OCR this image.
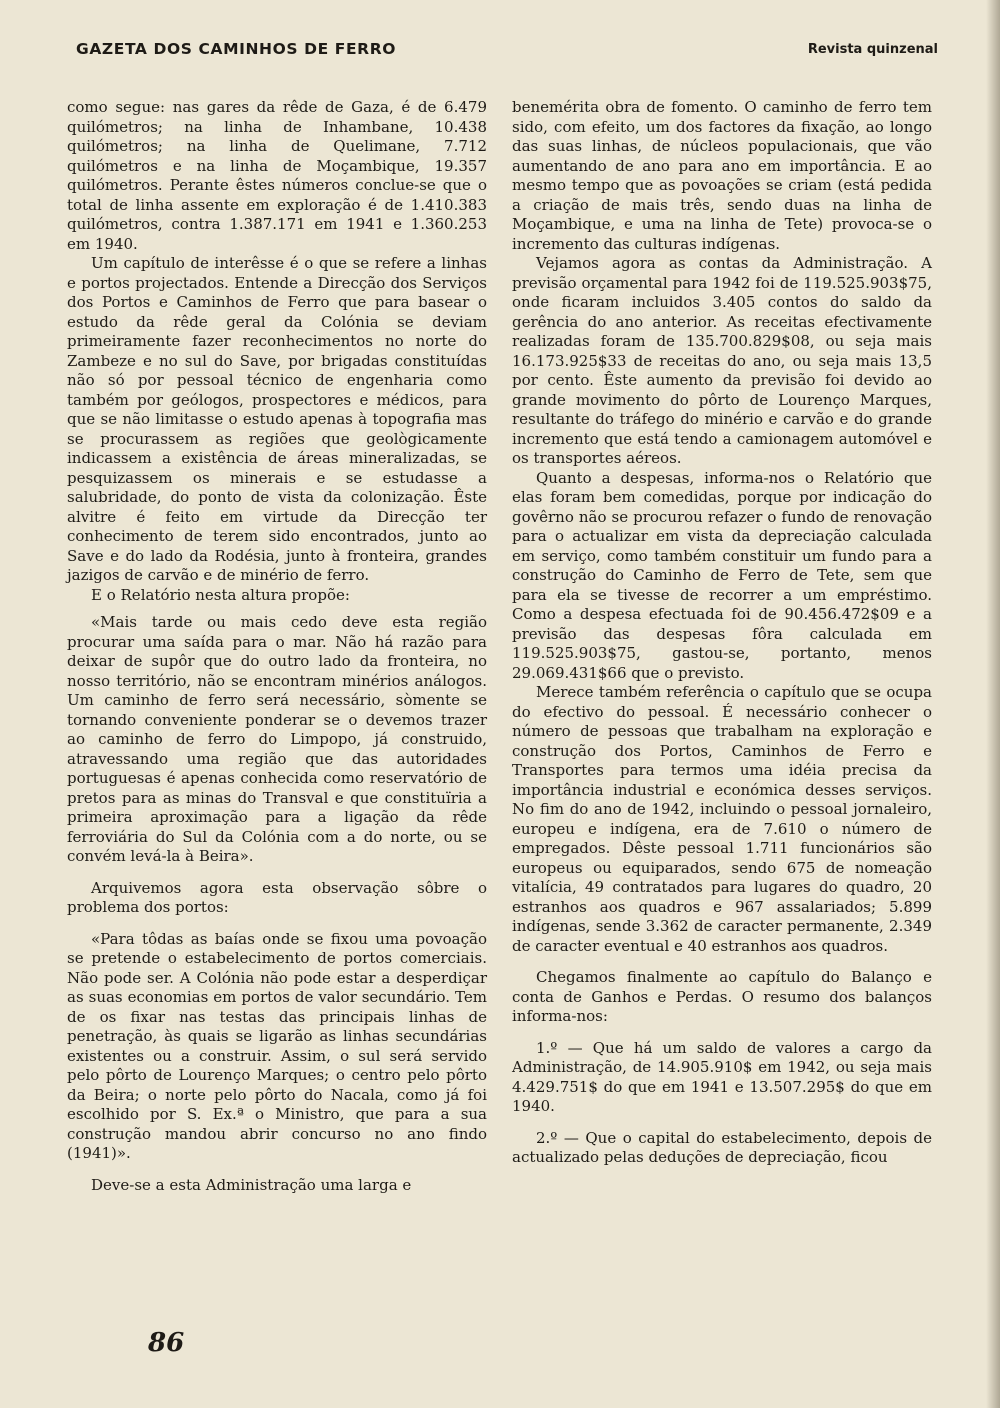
GAZETA DOS CAMINHOS DE FERRO	Revista quinzenal

como segue: nas gares da rêde de Gaza, é de 6.479 quilómetros; na linha de Inhambane, 10.438 quilómetros; na linha de Quelimane, 7.712 quilómetros e na linha de Moçambique, 19.357 quilómetros. Perante êstes números conclue-se que o total de linha assente em exploração é de 1.410.383 quilómetros, contra 1.387.171 em 1941 e 1.360.253 em 1940.

Um capítulo de interêsse é o que se refere a linhas e portos projectados. Entende a Direcção dos Serviços dos Portos e Caminhos de Ferro que para basear o estudo da rêde geral da Colónia se deviam primeiramente fazer reconhecimentos no norte do Zambeze e no sul do Save, por brigadas constituídas não só por pessoal técnico de engenharia como também por geólogos, prospectores e médicos, para que se não limitasse o estudo apenas à topografia mas se procurassem as regiões que geològicamente indicassem a existência de áreas mineralizadas, se pesquizassem os minerais e se estudasse a salubridade, do ponto de vista da colonização. Êste alvitre é feito em virtude da Direcção ter conhecimento de terem sido encontrados, junto ao Save e do lado da Rodésia, junto à fronteira, grandes jazigos de carvão e de minério de ferro.

E o Relatório nesta altura propõe:

«Mais tarde ou mais cedo deve esta região procurar uma saída para o mar. Não há razão para deixar de supôr que do outro lado da fronteira, no nosso território, não se encontram minérios análogos. Um caminho de ferro será necessário, sòmente se tornando conveniente ponderar se o devemos trazer ao caminho de ferro do Limpopo, já construido, atravessando uma região que das autoridades portuguesas é apenas conhecida como reservatório de pretos para as minas do Transval e que constituïria a primeira aproximação para a ligação da rêde ferroviária do Sul da Colónia com a do norte, ou se convém levá-la à Beira».

Arquivemos agora esta observação sôbre o problema dos portos:

«Para tôdas as baías onde se fixou uma povoação se pretende o estabelecimento de portos comerciais. Não pode ser. A Colónia não pode estar a desperdiçar as suas economias em portos de valor secundário. Tem de os fixar nas testas das principais linhas de penetração, às quais se ligarão as linhas secundárias existentes ou a construir. Assim, o sul será servido pelo pôrto de Lourenço Marques; o centro pelo pôrto da Beira; o norte pelo pôrto do Nacala, como já foi escolhido por S. Ex.ª o Ministro, que para a sua construção mandou abrir concurso no ano findo (1941)».

Deve-se a esta Administração uma larga e

benemérita obra de fomento. O caminho de ferro tem sido, com efeito, um dos factores da fixação, ao longo das suas linhas, de núcleos populacionais, que vão aumentando de ano para ano em importância. E ao mesmo tempo que as povoações se criam (está pedida a criação de mais três, sendo duas na linha de Moçambique, e uma na linha de Tete) provoca-se o incremento das culturas indígenas.

Vejamos agora as contas da Administração. A previsão orçamental para 1942 foi de 119.525.903$75, onde ficaram incluidos 3.405 contos do saldo da gerência do ano anterior. As receitas efectivamente realizadas foram de 135.700.829$08, ou seja mais 16.173.925$33 de receitas do ano, ou seja mais 13,5 por cento. Êste aumento da previsão foi devido ao grande movimento do pôrto de Lourenço Marques, resultante do tráfego do minério e carvão e do grande incremento que está tendo a camionagem automóvel e os transportes aéreos.

Quanto a despesas, informa-nos o Relatório que elas foram bem comedidas, porque por indicação do govêrno não se procurou refazer o fundo de renovação para o actualizar em vista da depreciação calculada em serviço, como também constituir um fundo para a construção do Caminho de Ferro de Tete, sem que para ela se tivesse de recorrer a um empréstimo. Como a despesa efectuada foi de 90.456.472$09 e a previsão das despesas fôra calculada em 119.525.903$75, gastou-se, portanto, menos 29.069.431$66 que o previsto.

Merece também referência o capítulo que se ocupa do efectivo do pessoal. É necessário conhecer o número de pessoas que trabalham na exploração e construção dos Portos, Caminhos de Ferro e Transportes para termos uma idéia precisa da importância industrial e económica desses serviços. No fim do ano de 1942, incluindo o pessoal jornaleiro, europeu e indígena, era de 7.610 o número de empregados. Dêste pessoal 1.711 funcionários são europeus ou equiparados, sendo 675 de nomeação vitalícia, 49 contratados para lugares do quadro, 20 estranhos aos quadros e 967 assalariados; 5.899 indígenas, sende 3.362 de caracter permanente, 2.349 de caracter eventual e 40 estranhos aos quadros.

Chegamos finalmente ao capítulo do Balanço e conta de Ganhos e Perdas. O resumo dos balanços informa-nos:

1.º — Que há um saldo de valores a cargo da Administração, de 14.905.910$ em 1942, ou seja mais 4.429.751$ do que em 1941 e 13.507.295$ do que em 1940.

2.º — Que o capital do estabelecimento, depois de actualizado pelas deduções de depreciação, ficou

86
